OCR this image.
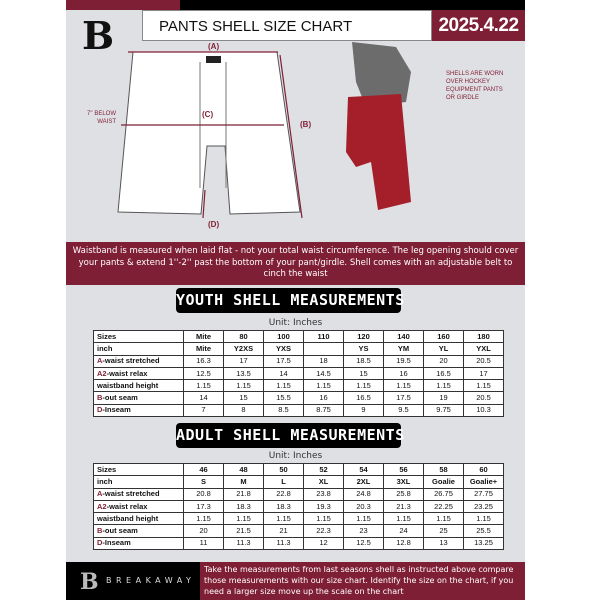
B	PANTS SHELL SIZE CHART	2025.4.22
(A)
(C)
(B)
(D)
7'' BELOW WAIST
SHELLS ARE WORN OVER HOCKEY EQUIPMENT PANTS OR GIRDLE
Waistband is measured when laid flat - not your total waist circumference. The leg opening should cover your pants & extend 1''-2'' past the bottom of your pant/girdle. Shell comes with an adjustable belt to cinch the waist
YOUTH SHELL MEASUREMENTS
Unit: Inches
Sizes	Mite	80	100	110	120	140	160	180
inch	Mite	Y2XS	YXS		YS	YM	YL	YXL
A-waist stretched	16.3	17	17.5	18	18.5	19.5	20	20.5
A2-waist relax	12.5	13.5	14	14.5	15	16	16.5	17
waistband height	1.15	1.15	1.15	1.15	1.15	1.15	1.15	1.15
B-out seam	14	15	15.5	16	16.5	17.5	19	20.5
D-Inseam	7	8	8.5	8.75	9	9.5	9.75	10.3
ADULT SHELL MEASUREMENTS
Unit: Inches
Sizes	46	48	50	52	54	56	58	60
inch	S	M	L	XL	2XL	3XL	Goalie	Goalie+
A-waist stretched	20.8	21.8	22.8	23.8	24.8	25.8	26.75	27.75
A2-waist relax	17.3	18.3	18.3	19.3	20.3	21.3	22.25	23.25
waistband height	1.15	1.15	1.15	1.15	1.15	1.15	1.15	1.15
B-out seam	20	21.5	21	22.3	23	24	25	25.5
D-Inseam	11	11.3	11.3	12	12.5	12.8	13	13.25
B BREAKAWAY
Take the measurements from last seasons shell as instructed above compare those measurements with our size chart. Identify the size on the chart, if you need a larger size move up the scale on the chart
